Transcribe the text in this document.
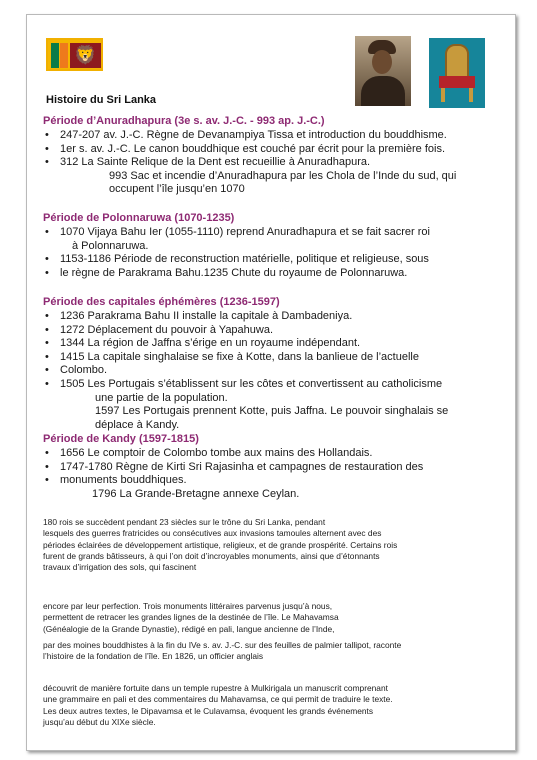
🦁
Histoire du Sri Lanka
Période d’Anuradhapura (3e s. av. J.-C. - 993 ap. J.-C.)
• 247-207 av. J.-C. Règne de Devanampiya Tissa et introduction du bouddhisme.
• 1er s. av. J.-C. Le canon bouddhique est couché par écrit pour la première fois.
• 312 La Sainte Relique de la Dent est recueillie à Anuradhapura.
993 Sac et incendie d’Anuradhapura par les Chola de l’Inde du sud, qui
occupent l’île jusqu’en 1070
Période de Polonnaruwa (1070-1235)
• 1070 Vijaya Bahu Ier (1055-1110) reprend Anuradhapura et se fait sacrer roi
à Polonnaruwa.
• 1153-1186 Période de reconstruction matérielle, politique et religieuse, sous
• le règne de Parakrama Bahu.1235 Chute du royaume de Polonnaruwa.
Période des capitales éphémères (1236-1597)
• 1236 Parakrama Bahu II installe la capitale à Dambadeniya.
• 1272 Déplacement du pouvoir à Yapahuwa.
• 1344 La région de Jaffna s’érige en un royaume indépendant.
• 1415 La capitale singhalaise se fixe à Kotte, dans la banlieue de l’actuelle
• Colombo.
• 1505 Les Portugais s’établissent sur les côtes et convertissent au catholicisme
une partie de la population.
1597 Les Portugais prennent Kotte, puis Jaffna. Le pouvoir singhalais se
déplace à Kandy.
Période de Kandy (1597-1815)
• 1656 Le comptoir de Colombo tombe aux mains des Hollandais.
• 1747-1780 Règne de Kirti Sri Rajasinha et campagnes de restauration des
• monuments bouddhiques.
1796 La Grande-Bretagne annexe Ceylan.
180 rois se succèdent pendant 23 siècles sur le trône du Sri Lanka, pendant
lesquels des guerres fratricides ou consécutives aux invasions tamoules alternent avec des
périodes éclairées de développement artistique, religieux, et de grande prospérité. Certains rois
furent de grands bâtisseurs, à qui l’on doit d’incroyables monuments, ainsi que d’étonnants
travaux d’irrigation des sols, qui fascinent
encore par leur perfection. Trois monuments littéraires parvenus jusqu’à nous,
permettent de retracer les grandes lignes de la destinée de l’île. Le Mahavamsa
(Généalogie de la Grande Dynastie), rédigé en pali, langue ancienne de l’Inde,
par des moines bouddhistes à la fin du IVe s. av. J.-C. sur des feuilles de palmier tallipot, raconte
l’histoire de la fondation de l’île. En 1826, un officier anglais
découvrit de manière fortuite dans un temple rupestre à Mulkirigala un manuscrit comprenant
une grammaire en pali et des commentaires du Mahavamsa, ce qui permit de traduire le texte.
Les deux autres textes, le Dipavamsa et le Culavamsa, évoquent les grands événements
jusqu’au début du XIXe siècle.
